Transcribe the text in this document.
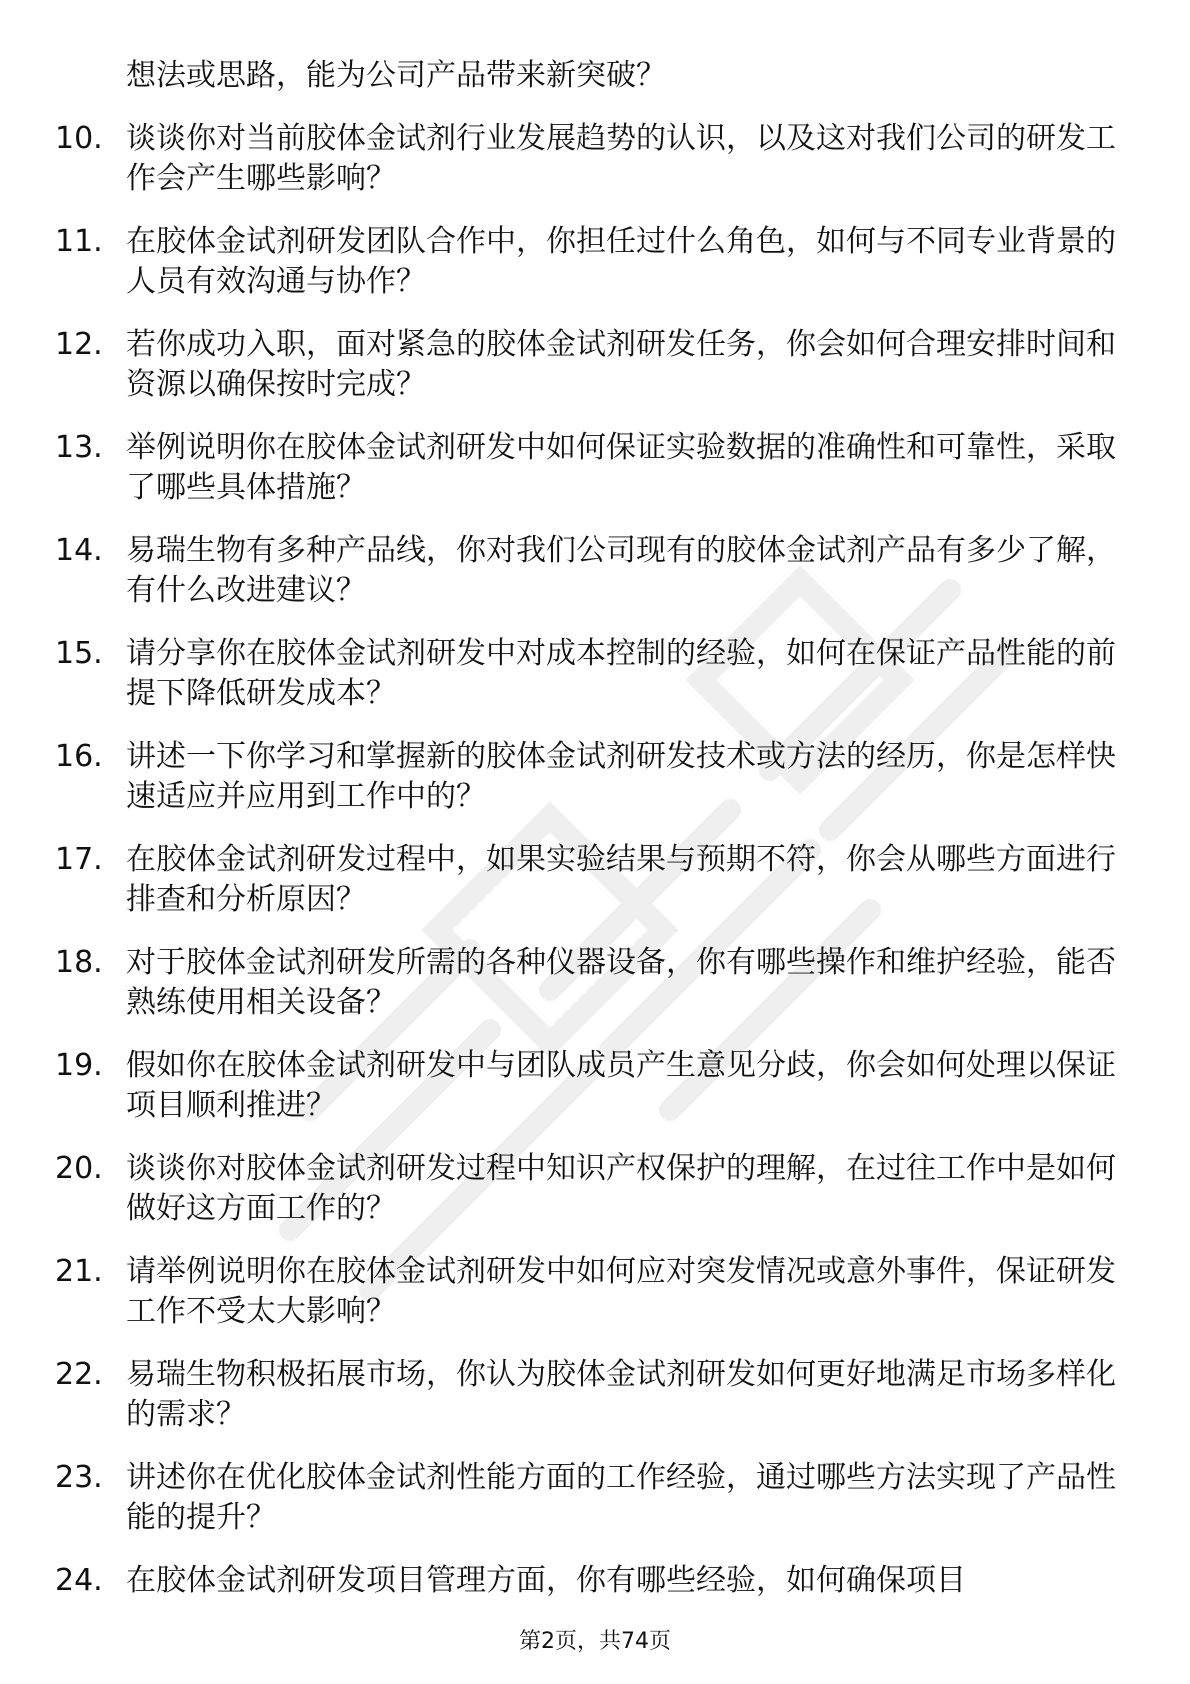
想法或思路，能为公司产品带来新突破？
10. 谈谈你对当前胶体金试剂行业发展趋势的认识，以及这对我们公司的研发工作会产生哪些影响？
11. 在胶体金试剂研发团队合作中，你担任过什么角色，如何与不同专业背景的人员有效沟通与协作？
12. 若你成功入职，面对紧急的胶体金试剂研发任务，你会如何合理安排时间和资源以确保按时完成？
13. 举例说明你在胶体金试剂研发中如何保证实验数据的准确性和可靠性，采取了哪些具体措施？
14. 易瑞生物有多种产品线，你对我们公司现有的胶体金试剂产品有多少了解，有什么改进建议？
15. 请分享你在胶体金试剂研发中对成本控制的经验，如何在保证产品性能的前提下降低研发成本？
16. 讲述一下你学习和掌握新的胶体金试剂研发技术或方法的经历，你是怎样快速适应并应用到工作中的？
17. 在胶体金试剂研发过程中，如果实验结果与预期不符，你会从哪些方面进行排查和分析原因？
18. 对于胶体金试剂研发所需的各种仪器设备，你有哪些操作和维护经验，能否熟练使用相关设备？
19. 假如你在胶体金试剂研发中与团队成员产生意见分歧，你会如何处理以保证项目顺利推进？
20. 谈谈你对胶体金试剂研发过程中知识产权保护的理解，在过往工作中是如何做好这方面工作的？
21. 请举例说明你在胶体金试剂研发中如何应对突发情况或意外事件，保证研发工作不受太大影响？
22. 易瑞生物积极拓展市场，你认为胶体金试剂研发如何更好地满足市场多样化的需求？
23. 讲述你在优化胶体金试剂性能方面的工作经验，通过哪些方法实现了产品性能的提升？
24. 在胶体金试剂研发项目管理方面，你有哪些经验，如何确保项目
第2页，共74页
